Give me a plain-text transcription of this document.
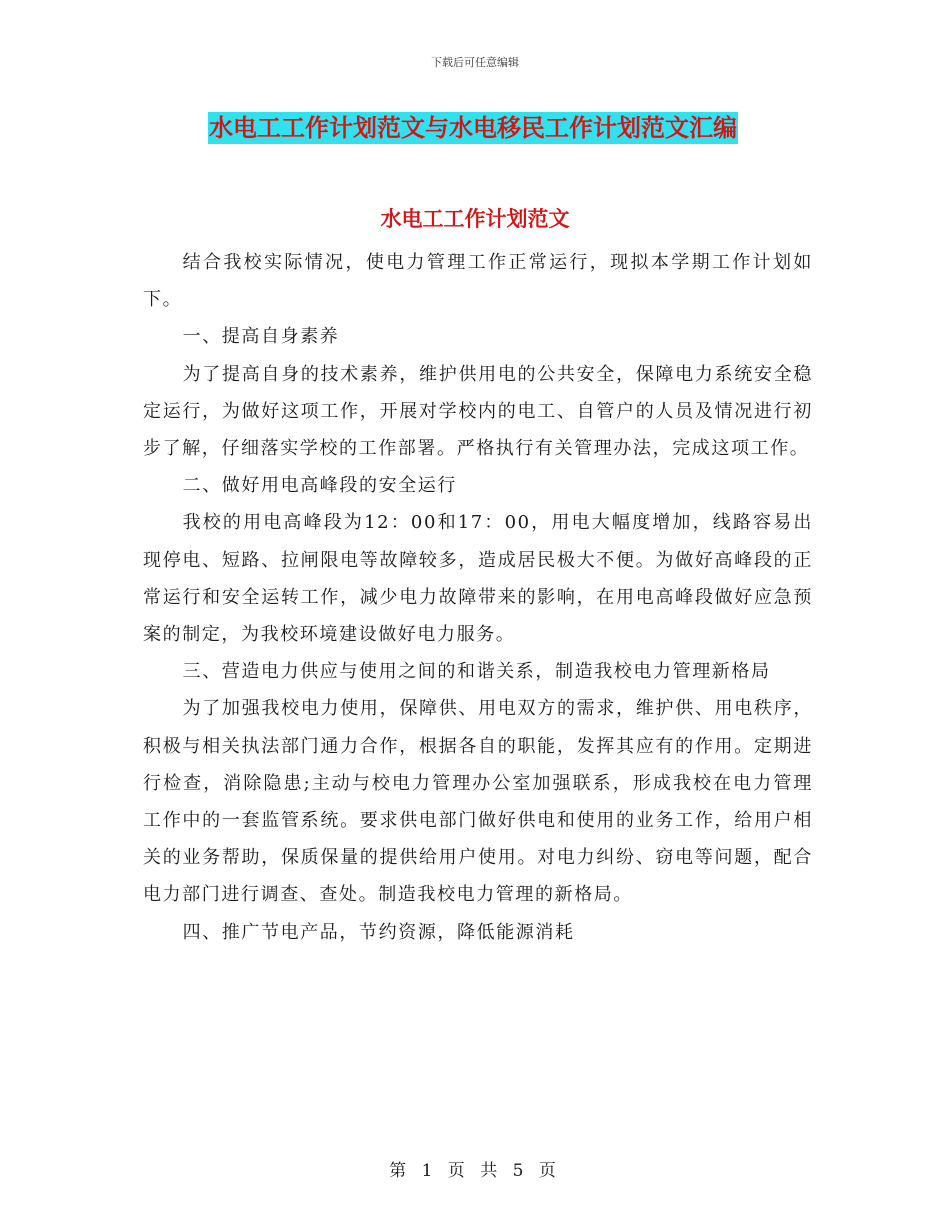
下载后可任意编辑
水电工工作计划范文与水电移民工作计划范文汇编
水电工工作计划范文

结合我校实际情况，使电力管理工作正常运行，现拟本学期工作计划如下。

一、提高自身素养

为了提高自身的技术素养，维护供用电的公共安全，保障电力系统安全稳定运行，为做好这项工作，开展对学校内的电工、自管户的人员及情况进行初步了解，仔细落实学校的工作部署。严格执行有关管理办法，完成这项工作。

二、做好用电高峰段的安全运行

我校的用电高峰段为12：00和17：00，用电大幅度增加，线路容易出现停电、短路、拉闸限电等故障较多，造成居民极大不便。为做好高峰段的正常运行和安全运转工作，减少电力故障带来的影响，在用电高峰段做好应急预案的制定，为我校环境建设做好电力服务。

三、营造电力供应与使用之间的和谐关系，制造我校电力管理新格局

为了加强我校电力使用，保障供、用电双方的需求，维护供、用电秩序，积极与相关执法部门通力合作，根据各自的职能，发挥其应有的作用。定期进行检查，消除隐患;主动与校电力管理办公室加强联系，形成我校在电力管理工作中的一套监管系统。要求供电部门做好供电和使用的业务工作，给用户相关的业务帮助，保质保量的提供给用户使用。对电力纠纷、窃电等问题，配合电力部门进行调查、查处。制造我校电力管理的新格局。

四、推广节电产品，节约资源，降低能源消耗

第 1 页 共 5 页
